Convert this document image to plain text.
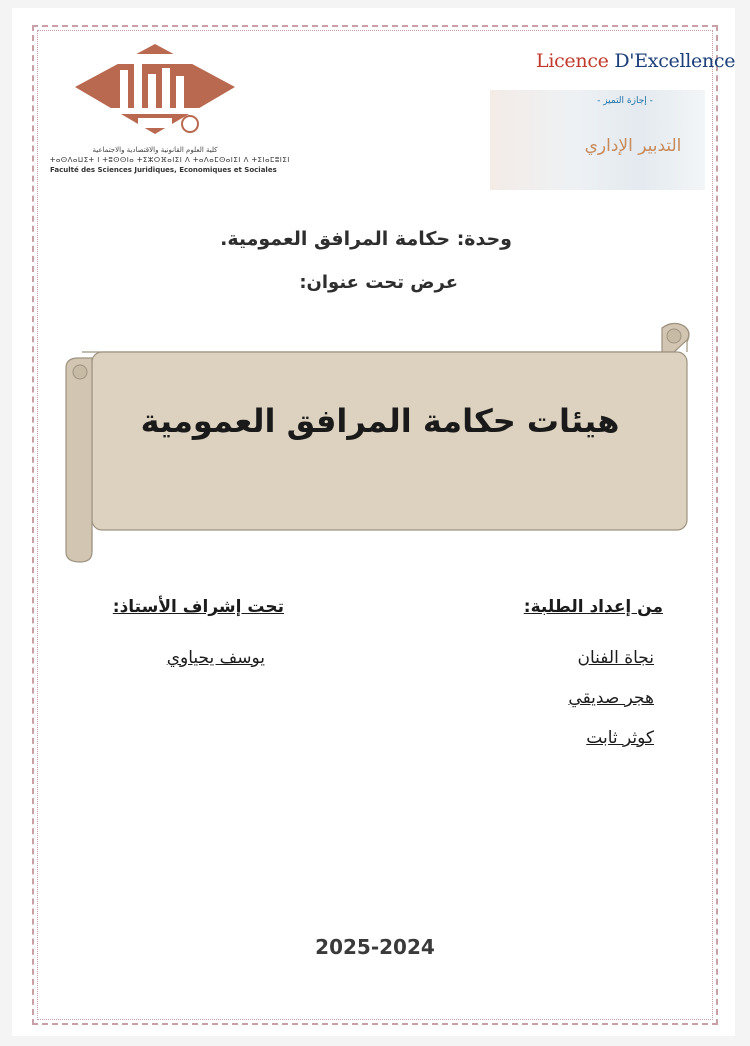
كلية العلوم القانونية والاقتصادية والاجتماعية
ⵜⴰⵙⴷⴰⵡⵉⵜ ⵏ ⵜⵓⵙⵙⵏⴰ ⵜⵉⵣⵔⴼⴰⵏⵉⵏ ⴷ ⵜⴰⴷⴰⵎⵙⴰⵏⵉⵏ ⴷ ⵜⵉⵏⴰⵎⵓⵏⵉⵏ
Faculté des Sciences Juridiques, Economiques et Sociales
Licence D'Excellence
- إجازة التميز -
التدبير الإداري
وحدة: حكامة المرافق العمومية.
عرض تحت عنوان:
هيئات حكامة المرافق العمومية
من إعداد الطلبة:
نجاة الفنان
هجر صديقي
كوثر ثابت
تحت إشراف الأستاذ:
يوسف يحياوي
2025-2024
